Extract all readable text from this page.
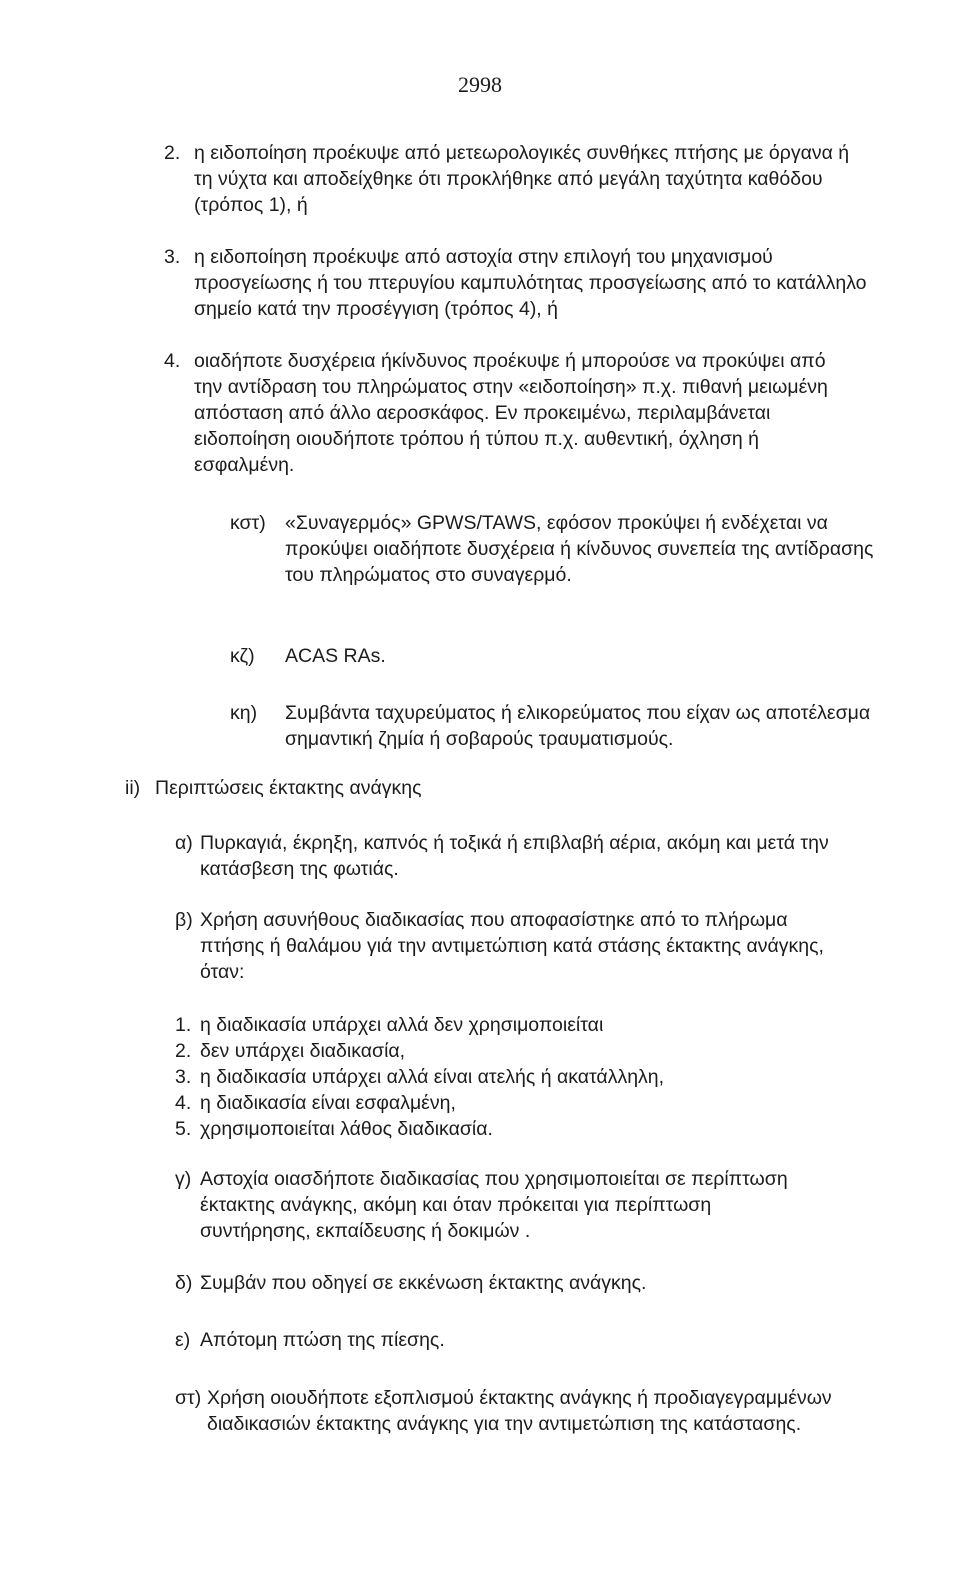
2998
2. η ειδοποίηση προέκυψε από μετεωρολογικές συνθήκες πτήσης με όργανα ή τη νύχτα και αποδείχθηκε ότι προκλήθηκε από μεγάλη ταχύτητα καθόδου (τρόπος 1), ή
3. η ειδοποίηση προέκυψε από αστοχία στην επιλογή του μηχανισμού προσγείωσης ή του πτερυγίου καμπυλότητας προσγείωσης από το κατάλληλο σημείο κατά την προσέγγιση (τρόπος 4), ή
4. οιαδήποτε δυσχέρεια ήκίνδυνος προέκυψε ή μπορούσε να προκύψει από την αντίδραση του πληρώματος στην «ειδοποίηση» π.χ. πιθανή μειωμένη απόσταση από άλλο αεροσκάφος. Εν προκειμένω, περιλαμβάνεται ειδοποίηση οιουδήποτε τρόπου ή τύπου π.χ. αυθεντική, όχληση ή εσφαλμένη.
κστ) «Συναγερμός» GPWS/TAWS, εφόσον προκύψει ή ενδέχεται να προκύψει οιαδήποτε δυσχέρεια ή κίνδυνος συνεπεία της αντίδρασης του πληρώματος στο συναγερμό.
κζ)	ACAS RAs.
κη)	Συμβάντα ταχυρεύματος ή ελικορεύματος που είχαν ως αποτέλεσμα σημαντική ζημία ή σοβαρούς τραυματισμούς.
ii) Περιπτώσεις έκτακτης ανάγκης
α) Πυρκαγιά, έκρηξη, καπνός ή τοξικά ή επιβλαβή αέρια, ακόμη και μετά την κατάσβεση της φωτιάς.
β) Χρήση ασυνήθους διαδικασίας που αποφασίστηκε από το πλήρωμα πτήσης ή θαλάμου γιά την αντιμετώπιση κατά στάσης έκτακτης ανάγκης, όταν:
1. η διαδικασία υπάρχει αλλά δεν χρησιμοποιείται
2. δεν υπάρχει διαδικασία,
3. η διαδικασία υπάρχει αλλά είναι ατελής ή ακατάλληλη,
4. η διαδικασία είναι εσφαλμένη,
5. χρησιμοποιείται λάθος διαδικασία.
γ) Αστοχία οιασδήποτε διαδικασίας που χρησιμοποιείται σε περίπτωση έκτακτης ανάγκης, ακόμη και όταν πρόκειται για περίπτωση συντήρησης, εκπαίδευσης ή δοκιμών .
δ) Συμβάν που οδηγεί σε εκκένωση έκτακτης ανάγκης.
ε) Απότομη πτώση της πίεσης.
στ) Χρήση οιουδήποτε εξοπλισμού έκτακτης ανάγκης ή προδιαγεγραμμένων διαδικασιών έκτακτης ανάγκης για την αντιμετώπιση της κατάστασης.
